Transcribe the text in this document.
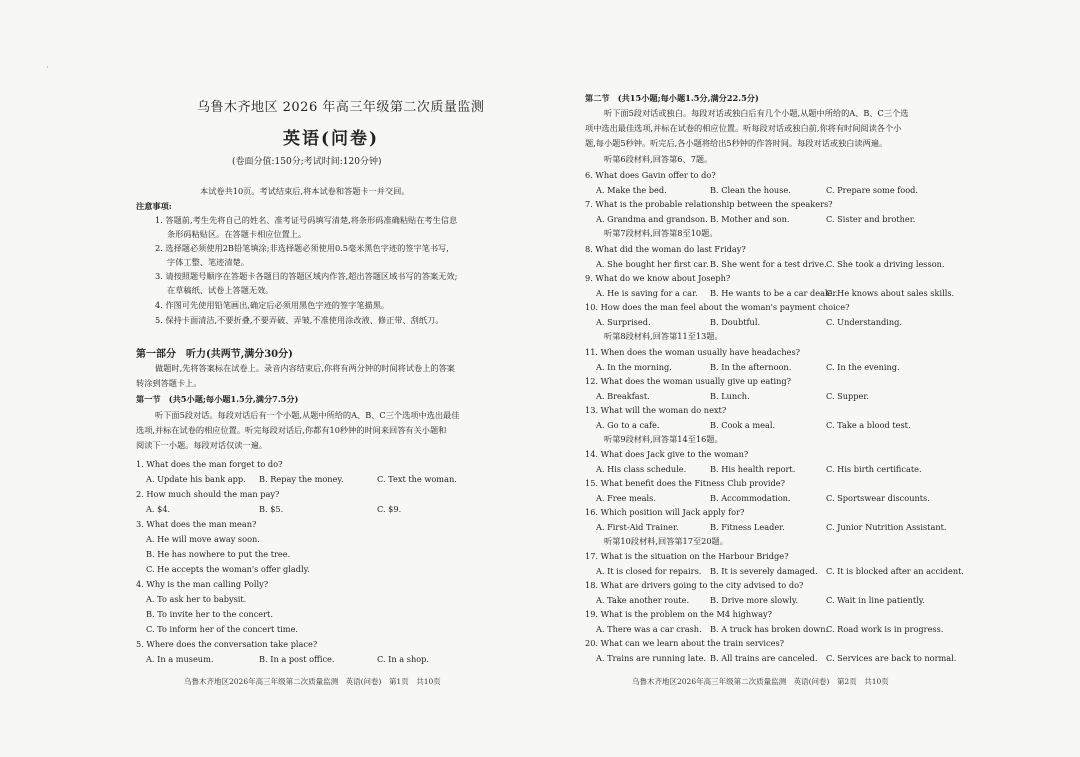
·
乌鲁木齐地区 2026 年高三年级第二次质量监测
英语(问卷)
(卷面分值:150分;考试时间:120分钟)
本试卷共10页。考试结束后,将本试卷和答题卡一并交回。
注意事项:
1. 答题前,考生先将自己的姓名、准考证号码填写清楚,将条形码准确粘贴在考生信息
条形码粘贴区。在答题卡相应位置上。
2. 选择题必须使用2B铅笔填涂;非选择题必须使用0.5毫米黑色字迹的签字笔书写,
字体工整、笔迹清楚。
3. 请按照题号顺序在答题卡各题目的答题区域内作答,超出答题区域书写的答案无效;
在草稿纸、试卷上答题无效。
4. 作图可先使用铅笔画出,确定后必须用黑色字迹的签字笔描黑。
5. 保持卡面清洁,不要折叠,不要弄破、弄皱,不准使用涂改液、修正带、刮纸刀。
第一部分　听力(共两节,满分30分)
做题时,先将答案标在试卷上。录音内容结束后,你将有两分钟的时间将试卷上的答案
转涂到答题卡上。
第一节　(共5小题;每小题1.5分,满分7.5分)
听下面5段对话。每段对话后有一个小题,从题中所给的A、B、C三个选项中选出最佳
选项,并标在试卷的相应位置。听完每段对话后,你都有10秒钟的时间来回答有关小题和
阅读下一小题。每段对话仅读一遍。
1. What does the man forget to do?
A. Update his bank app. B. Repay the money.	C. Text the woman.
2. How much should the man pay?
A. $4.	B. $5.	C. $9.
3. What does the man mean?
A. He will move away soon.
B. He has nowhere to put the tree.
C. He accepts the woman's offer gladly.
4. Why is the man calling Polly?
A. To ask her to babysit.
B. To invite her to the concert.
C. To inform her of the concert time.
5. Where does the conversation take place?
A. In a museum.	B. In a post office.	C. In a shop.
乌鲁木齐地区2026年高三年级第二次质量监测　英语(问卷)　第1页　共10页
第二节　(共15小题;每小题1.5分,满分22.5分)
听下面5段对话或独白。每段对话或独白后有几个小题,从题中所给的A、B、C三个选
项中选出最佳选项,并标在试卷的相应位置。听每段对话或独白前,你将有时间阅读各个小
题,每小题5秒钟。听完后,各小题将给出5秒钟的作答时间。每段对话或独白读两遍。
听第6段材料,回答第6、7题。
6. What does Gavin offer to do?
A. Make the bed.	B. Clean the house.	C. Prepare some food.
7. What is the probable relationship between the speakers?
A. Grandma and grandson. B. Mother and son.	C. Sister and brother.
听第7段材料,回答第8至10题。
8. What did the woman do last Friday?
A. She bought her first car. B. She went for a test drive. C. She took a driving lesson.
9. What do we know about Joseph?
A. He is saving for a car. B. He wants to be a car dealer.
C. He knows about sales skills.
10. How does the man feel about the woman's payment choice?
A. Surprised.	B. Doubtful.	C. Understanding.
听第8段材料,回答第11至13题。
11. When does the woman usually have headaches?
A. In the morning.	B. In the afternoon.	C. In the evening.
12. What does the woman usually give up eating?
A. Breakfast.	B. Lunch.	C. Supper.
13. What will the woman do next?
A. Go to a cafe.	B. Cook a meal.	C. Take a blood test.
听第9段材料,回答第14至16题。
14. What does Jack give to the woman?
A. His class schedule.	B. His health report.	C. His birth certificate.
15. What benefit does the Fitness Club provide?
A. Free meals.	B. Accommodation.	C. Sportswear discounts.
16. Which position will Jack apply for?
A. First-Aid Trainer.	B. Fitness Leader.	C. Junior Nutrition Assistant.
听第10段材料,回答第17至20题。
17. What is the situation on the Harbour Bridge?
A. It is closed for repairs. B. It is severely damaged. C. It is blocked after an accident.
18. What are drivers going to the city advised to do?
A. Take another route.	B. Drive more slowly.	C. Wait in line patiently.
19. What is the problem on the M4 highway?
A. There was a car crash. B. A truck has broken down.
C. Road work is in progress.
20. What can we learn about the train services?
A. Trains are running late. B. All trains are canceled. C. Services are back to normal.
乌鲁木齐地区2026年高三年级第二次质量监测　英语(问卷)　第2页　共10页
